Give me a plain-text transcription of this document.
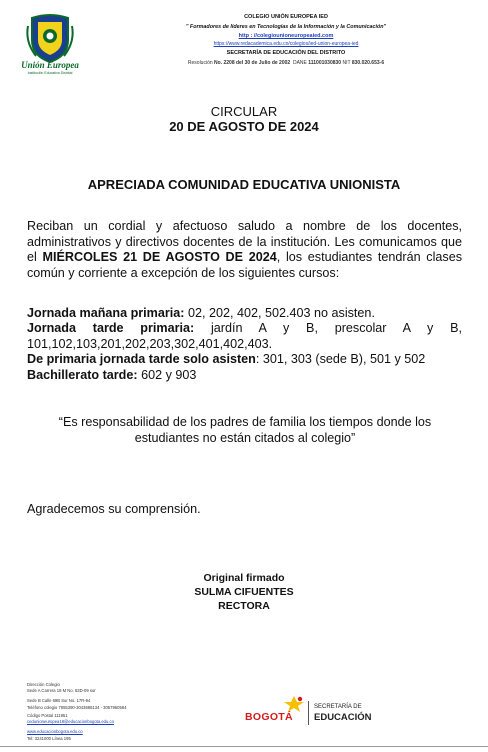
Unión Europea
Institución Educativa Distrital
COLEGIO UNIÓN EUROPEA IED
" Formadores de líderes en Tecnologías de la Información y la Comunicación"
http : //colegiounioneuropeaied.com
https://www.redacademica.edu.co/colegios/ied-union-europea-ied
SECRETARÍA DE EDUCACIÓN DEL DISTRITO
Resolución No. 2208 del 30 de Julio de 2002 DANE 111001030830 NIT 830.020.653-6
CIRCULAR
20 DE AGOSTO DE 2024
APRECIADA COMUNIDAD EDUCATIVA UNIONISTA
Reciban un cordial y afectuoso saludo a nombre de los docentes, administrativos y directivos docentes de la institución. Les comunicamos que el MIÉRCOLES 21 DE AGOSTO DE 2024, los estudiantes tendrán clases común y corriente a excepción de los siguientes cursos:
Jornada mañana primaria: 02, 202, 402, 502.403 no asisten.
Jornada tarde primaria: jardín A y B, prescolar A y B, 101,102,103,201,202,203,302,401,402,403.
De primaria jornada tarde solo asisten: 301, 303 (sede B), 501 y 502
Bachillerato tarde: 602 y 903
“Es responsabilidad de los padres de familia los tiempos donde los estudiantes no están citados al colegio”
Agradecemos su comprensión.
Original firmado
SULMA CIFUENTES
RECTORA
Dirección Colegio
Sede A Carrera 18 M No. 63D-09 sur
Sede B Calle 69B Sur No. 17R-94
Teléfono colegio 7655390-3043686134 - 3057960584
Código Postal 111951
cedunioneuropea18@educacionbogota.edu.co
www.educacionbogota.edu.co
Tel: 3241000 Línea 195
BOGOTÁ
SECRETARÍA DE
EDUCACIÓN
